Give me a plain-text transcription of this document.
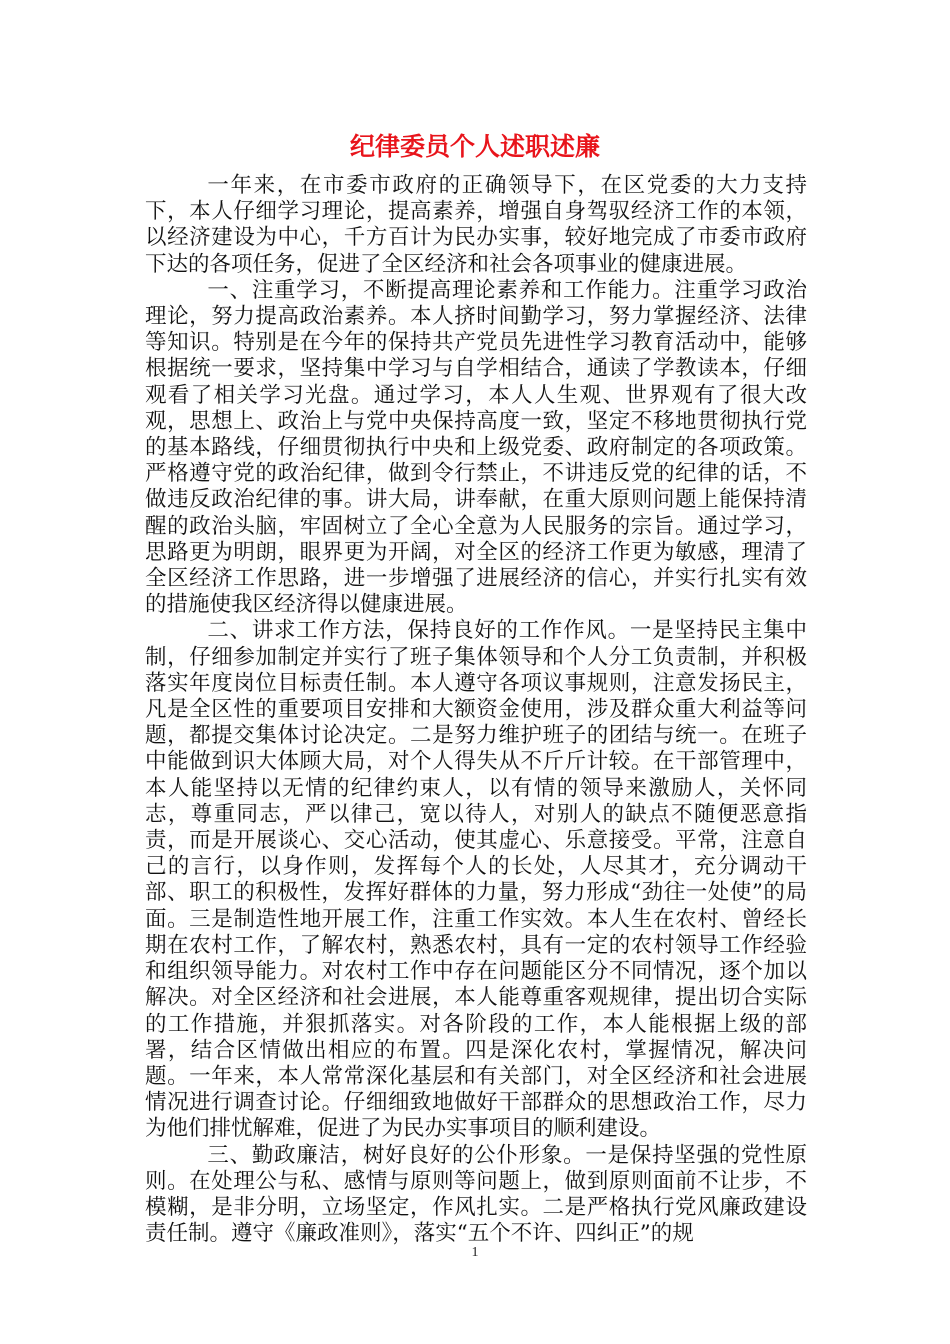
纪律委员个人述职述廉

一年来，在市委市政府的正确领导下，在区党委的大力支持下，本人仔细学习理论，提高素养，增强自身驾驭经济工作的本领，以经济建设为中心，千方百计为民办实事，较好地完成了市委市政府下达的各项任务，促进了全区经济和社会各项事业的健康进展。

一、注重学习，不断提高理论素养和工作能力。注重学习政治理论，努力提高政治素养。本人挤时间勤学习，努力掌握经济、法律等知识。特别是在今年的保持共产党员先进性学习教育活动中，能够根据统一要求，坚持集中学习与自学相结合，通读了学教读本，仔细观看了相关学习光盘。通过学习，本人人生观、世界观有了很大改观，思想上、政治上与党中央保持高度一致，坚定不移地贯彻执行党的基本路线，仔细贯彻执行中央和上级党委、政府制定的各项政策。严格遵守党的政治纪律，做到令行禁止，不讲违反党的纪律的话，不做违反政治纪律的事。讲大局，讲奉献，在重大原则问题上能保持清醒的政治头脑，牢固树立了全心全意为人民服务的宗旨。通过学习，思路更为明朗，眼界更为开阔，对全区的经济工作更为敏感，理清了全区经济工作思路，进一步增强了进展经济的信心，并实行扎实有效的措施使我区经济得以健康进展。

二、讲求工作方法，保持良好的工作作风。一是坚持民主集中制，仔细参加制定并实行了班子集体领导和个人分工负责制，并积极落实年度岗位目标责任制。本人遵守各项议事规则，注意发扬民主，凡是全区性的重要项目安排和大额资金使用，涉及群众重大利益等问题，都提交集体讨论决定。二是努力维护班子的团结与统一。在班子中能做到识大体顾大局，对个人得失从不斤斤计较。在干部管理中，本人能坚持以无情的纪律约束人，以有情的领导来激励人，关怀同志，尊重同志，严以律己，宽以待人，对别人的缺点不随便恶意指责，而是开展谈心、交心活动，使其虚心、乐意接受。平常，注意自己的言行，以身作则，发挥每个人的长处，人尽其才，充分调动干部、职工的积极性，发挥好群体的力量，努力形成“劲往一处使”的局面。三是制造性地开展工作，注重工作实效。本人生在农村、曾经长期在农村工作，了解农村，熟悉农村，具有一定的农村领导工作经验和组织领导能力。对农村工作中存在问题能区分不同情况，逐个加以解决。对全区经济和社会进展，本人能尊重客观规律，提出切合实际的工作措施，并狠抓落实。对各阶段的工作，本人能根据上级的部署，结合区情做出相应的布置。四是深化农村，掌握情况，解决问题。一年来，本人常常深化基层和有关部门，对全区经济和社会进展情况进行调查讨论。仔细细致地做好干部群众的思想政治工作，尽力为他们排忧解难，促进了为民办实事项目的顺利建设。

三、勤政廉洁，树好良好的公仆形象。一是保持坚强的党性原则。在处理公与私、感情与原则等问题上，做到原则面前不让步，不模糊，是非分明，立场坚定，作风扎实。二是严格执行党风廉政建设责任制。遵守《廉政准则》，落实“五个不许、四纠正”的规

1
